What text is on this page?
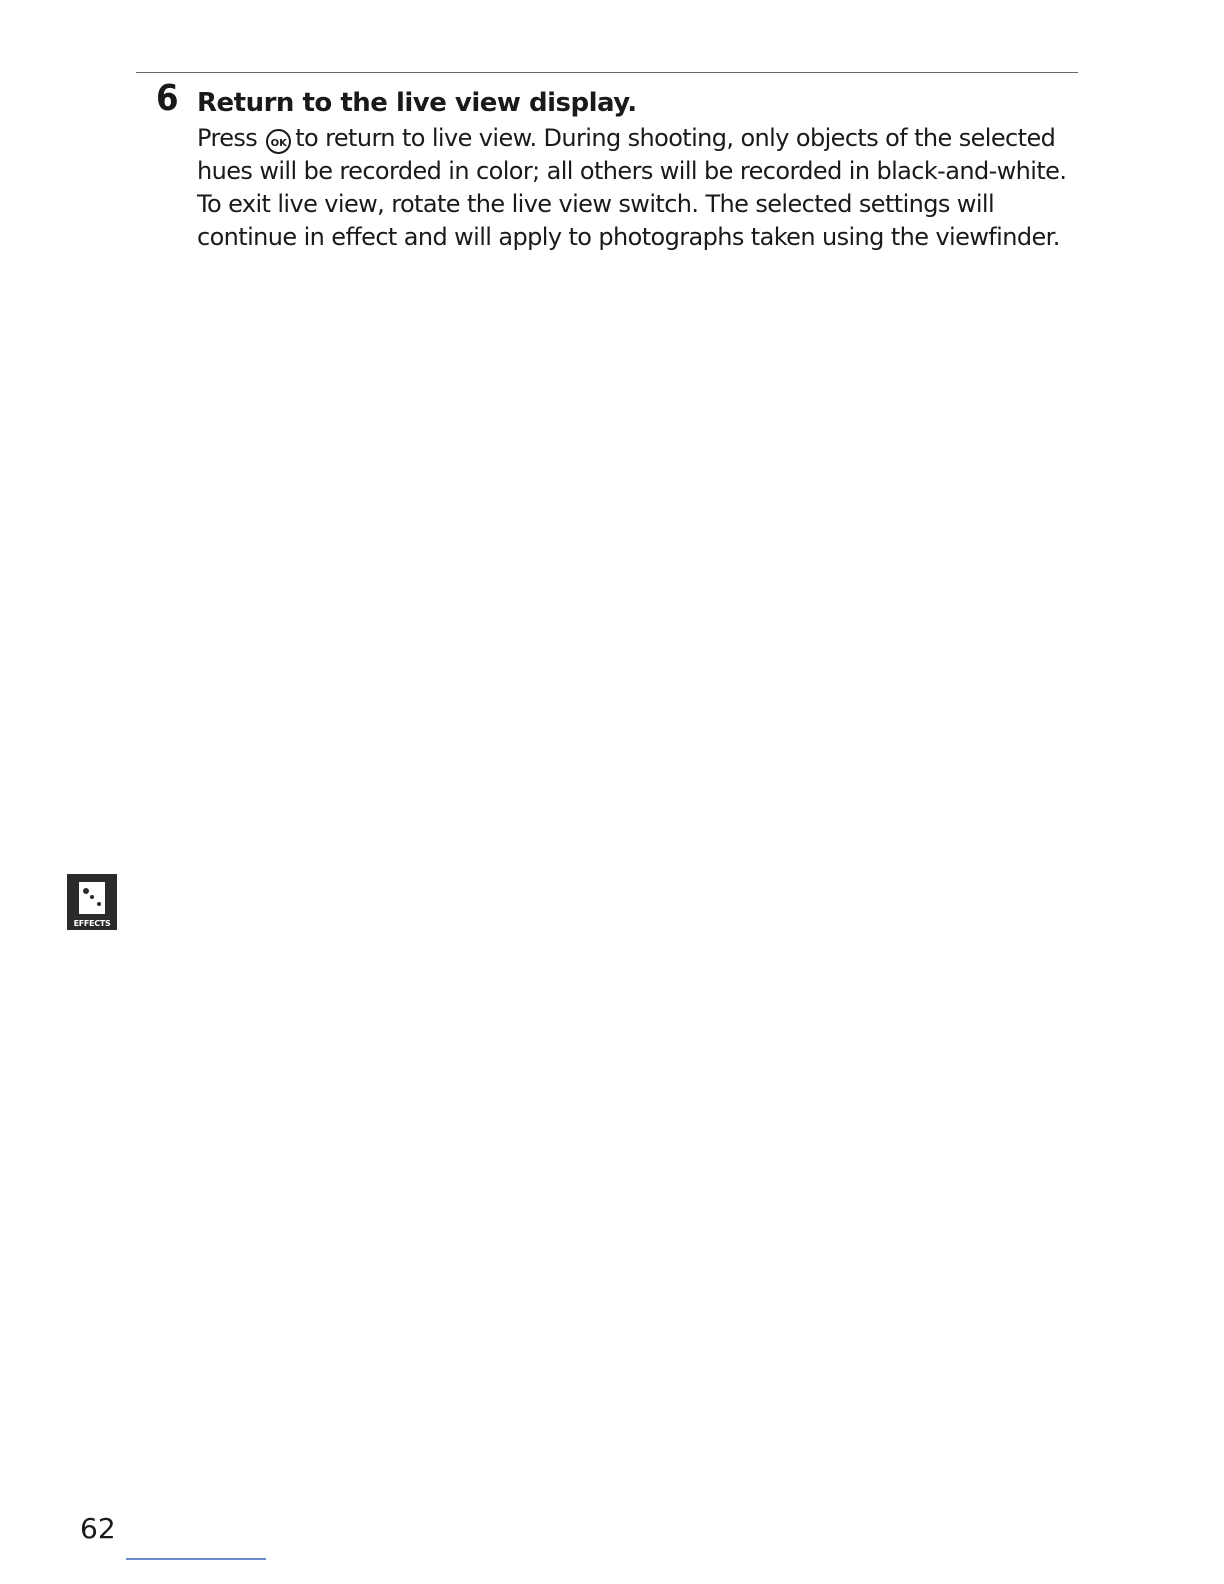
6 Return to the live view display.
Press OK to return to live view. During shooting, only objects of the selected hues will be recorded in color; all others will be recorded in black-and-white. To exit live view, rotate the live view switch. The selected settings will continue in effect and will apply to photographs taken using the viewfinder.
EFFECTS
62
